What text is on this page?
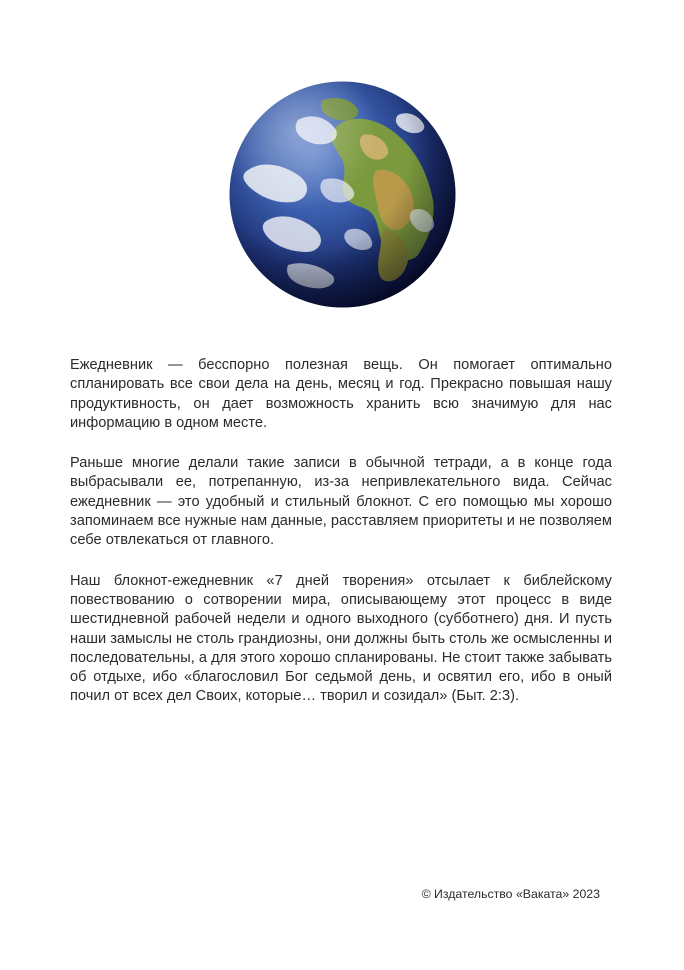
Ежедневник — бесспорно полезная вещь. Он помогает оптимально спланировать все свои дела на день, месяц и год. Прекрасно повышая нашу продуктивность, он дает возможность хранить всю значимую для нас информацию в одном месте.

Раньше многие делали такие записи в обычной тетради, а в конце года выбрасывали ее, потрепанную, из-за непривлекательного вида. Сейчас ежедневник — это удобный и стильный блокнот. С его помощью мы хорошо запоминаем все нужные нам данные, расставляем приоритеты и не позволяем себе отвлекаться от главного.

Наш блокнот-ежедневник «7 дней творения» отсылает к библейскому повествованию о сотворении мира, описывающему этот процесс в виде шестидневной рабочей недели и одного выходного (субботнего) дня. И пусть наши замыслы не столь грандиозны, они должны быть столь же осмысленны и последовательны, а для этого хорошо спланированы. Не стоит также забывать об отдыхе, ибо «благословил Бог седьмой день, и освятил его, ибо в оный почил от всех дел Своих, которые… творил и созидал» (Быт. 2:3).

© Издательство «Ваката» 2023
